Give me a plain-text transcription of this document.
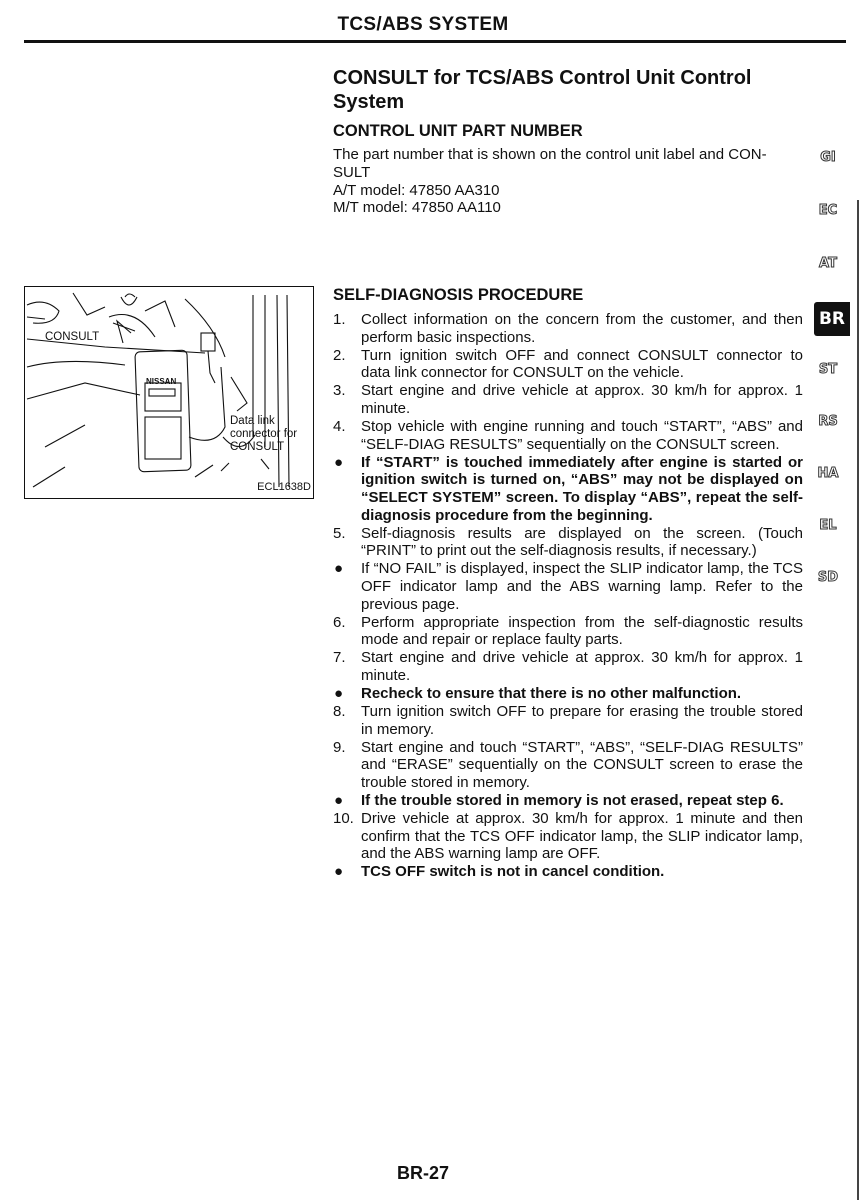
TCS/ABS SYSTEM
CONSULT for TCS/ABS Control Unit Control System
CONTROL UNIT PART NUMBER
The part number that is shown on the control unit label and CON-
SULT
A/T model: 47850 AA310
M/T model: 47850 AA110
CONSULT
NISSAN
Data link
connector for
CONSULT
ECL1638D
SELF-DIAGNOSIS PROCEDURE
1.	Collect information on the concern from the customer, and then perform basic inspections.
2.	Turn ignition switch OFF and connect CONSULT connector to data link connector for CONSULT on the vehicle.
3.	Start engine and drive vehicle at approx. 30 km/h for approx. 1 minute.
4.	Stop vehicle with engine running and touch “START”, “ABS” and “SELF-DIAG RESULTS” sequentially on the CONSULT screen.
●	If “START” is touched immediately after engine is started or ignition switch is turned on, “ABS” may not be displayed on “SELECT SYSTEM” screen. To display “ABS”, repeat the self-diagnosis procedure from the beginning.
5.	Self-diagnosis results are displayed on the screen. (Touch “PRINT” to print out the self-diagnosis results, if necessary.)
●	If “NO FAIL” is displayed, inspect the SLIP indicator lamp, the TCS OFF indicator lamp and the ABS warning lamp. Refer to the previous page.
6.	Perform appropriate inspection from the self-diagnostic results mode and repair or replace faulty parts.
7.	Start engine and drive vehicle at approx. 30 km/h for approx. 1 minute.
●	Recheck to ensure that there is no other malfunction.
8.	Turn ignition switch OFF to prepare for erasing the trouble stored in memory.
9.	Start engine and touch “START”, “ABS”, “SELF-DIAG RESULTS” and “ERASE” sequentially on the CONSULT screen to erase the trouble stored in memory.
●	If the trouble stored in memory is not erased, repeat step 6.
10. Drive vehicle at approx. 30 km/h for approx. 1 minute and then confirm that the TCS OFF indicator lamp, the SLIP indicator lamp, and the ABS warning lamp are OFF.
●	TCS OFF switch is not in cancel condition.
GI
EC
AT
BR
ST
RS
HA
EL
SD
BR-27
